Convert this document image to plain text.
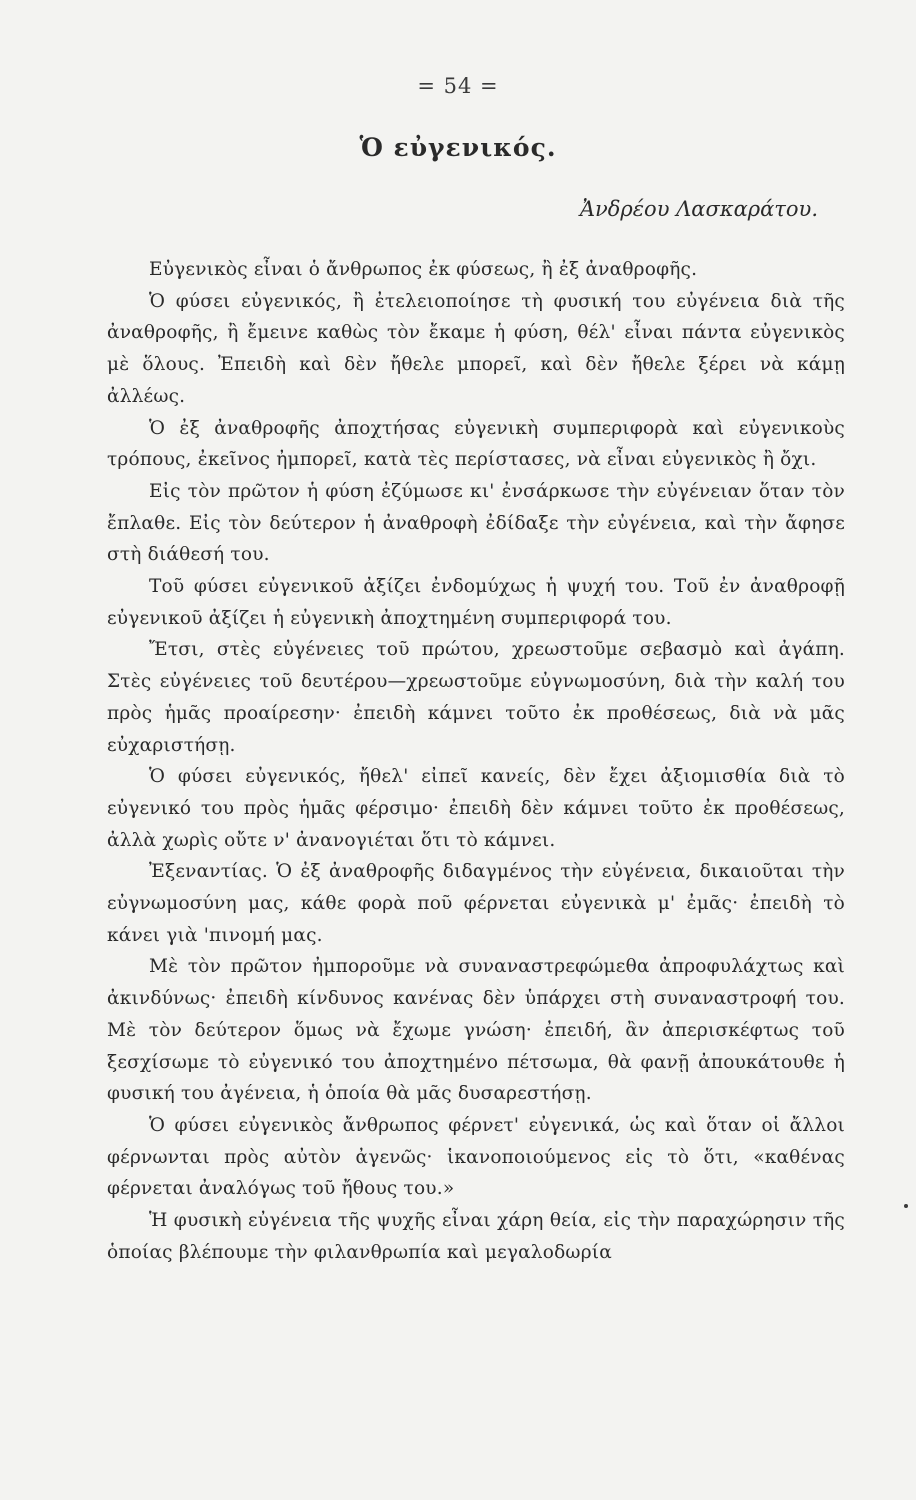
= 54 =
Ὁ εὐγενικός.
Ἀνδρέου Λασκαράτου.

Εὐγενικὸς εἶναι ὁ ἄνθρωπος ἐκ φύσεως, ἢ ἐξ ἀναθροφῆς.

Ὁ φύσει εὐγενικός, ἢ ἐτελειοποίησε τὴ φυσική του εὐγένεια διὰ τῆς ἀναθροφῆς, ἢ ἔμεινε καθὼς τὸν ἔκαμε ἡ φύση, θέλ' εἶναι πάντα εὐγενικὸς μὲ ὅλους. Ἐπειδὴ καὶ δὲν ἤθελε μπορεῖ, καὶ δὲν ἤθελε ξέρει νὰ κάμῃ ἀλλέως.

Ὁ ἐξ ἀναθροφῆς ἀποχτήσας εὐγενικὴ συμπεριφορὰ καὶ εὐγενικοὺς τρόπους, ἐκεῖνος ἠμπορεῖ, κατὰ τὲς περίστασες, νὰ εἶναι εὐγενικὸς ἢ ὄχι.

Εἰς τὸν πρῶτον ἡ φύση ἐζύμωσε κι' ἐνσάρκωσε τὴν εὐγένειαν ὅταν τὸν ἔπλαθε. Εἰς τὸν δεύτερον ἡ ἀναθροφὴ ἐδίδαξε τὴν εὐγένεια, καὶ τὴν ἄφησε στὴ διάθεσή του.

Τοῦ φύσει εὐγενικοῦ ἀξίζει ἐνδομύχως ἡ ψυχή του. Τοῦ ἐν ἀναθροφῇ εὐγενικοῦ ἀξίζει ἡ εὐγενικὴ ἀποχτημένη συμπεριφορά του.

Ἔτσι, στὲς εὐγένειες τοῦ πρώτου, χρεωστοῦμε σεβασμὸ καὶ ἀγάπη. Στὲς εὐγένειες τοῦ δευτέρου—χρεωστοῦμε εὐγνωμοσύνη, διὰ τὴν καλή του πρὸς ἡμᾶς προαίρεσην· ἐπειδὴ κάμνει τοῦτο ἐκ προθέσεως, διὰ νὰ μᾶς εὐχαριστήσῃ.

Ὁ φύσει εὐγενικός, ἤθελ' εἰπεῖ κανείς, δὲν ἔχει ἀξιομισθία διὰ τὸ εὐγενικό του πρὸς ἡμᾶς φέρσιμο· ἐπειδὴ δὲν κάμνει τοῦτο ἐκ προθέσεως, ἀλλὰ χωρὶς οὔτε ν' ἀνανογιέται ὅτι τὸ κάμνει.

Ἐξεναντίας. Ὁ ἐξ ἀναθροφῆς διδαγμένος τὴν εὐγένεια, δικαιοῦται τὴν εὐγνωμοσύνη μας, κάθε φορὰ ποῦ φέρνεται εὐγενικὰ μ' ἐμᾶς· ἐπειδὴ τὸ κάνει γιὰ 'πινομή μας.

Μὲ τὸν πρῶτον ἠμποροῦμε νὰ συναναστρεφώμεθα ἀπροφυλάχτως καὶ ἀκινδύνως· ἐπειδὴ κίνδυνος κανένας δὲν ὑπάρχει στὴ συναναστροφή του. Μὲ τὸν δεύτερον ὅμως νὰ ἔχωμε γνώση· ἐπειδή, ἂν ἀπερισκέφτως τοῦ ξεσχίσωμε τὸ εὐγενικό του ἀποχτημένο πέτσωμα, θὰ φανῇ ἀπουκάτουθε ἡ φυσική του ἀγένεια, ἡ ὁποία θὰ μᾶς δυσαρεστήσῃ.

Ὁ φύσει εὐγενικὸς ἄνθρωπος φέρνετ' εὐγενικά, ὡς καὶ ὅταν οἱ ἄλλοι φέρνωνται πρὸς αὐτὸν ἀγενῶς· ἱκανοποιούμενος εἰς τὸ ὅτι, «καθένας φέρνεται ἀναλόγως τοῦ ἤθους του.»

Ἡ φυσικὴ εὐγένεια τῆς ψυχῆς εἶναι χάρη θεία, εἰς τὴν παραχώρησιν τῆς ὁποίας βλέπουμε τὴν φιλανθρωπία καὶ μεγαλοδωρία
